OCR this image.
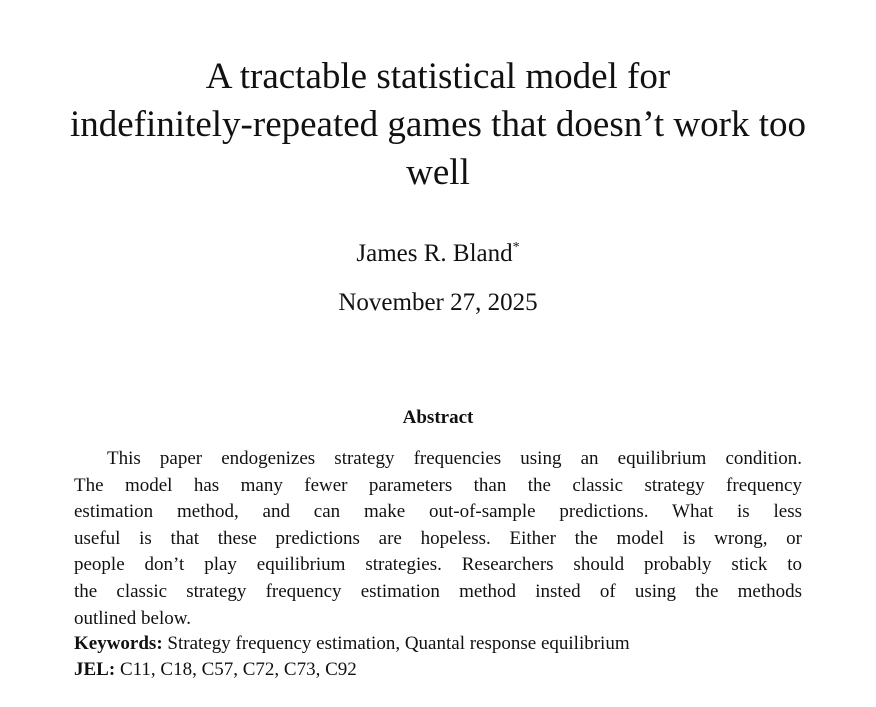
A tractable statistical model for
indefinitely-repeated games that doesn’t work too
well
James R. Bland*
November 27, 2025
Abstract
This paper endogenizes strategy frequencies using an equilibrium condition.
The model has many fewer parameters than the classic strategy frequency
estimation method, and can make out-of-sample predictions. What is less
useful is that these predictions are hopeless. Either the model is wrong, or
people don’t play equilibrium strategies. Researchers should probably stick to
the classic strategy frequency estimation method insted of using the methods
outlined below.
Keywords: Strategy frequency estimation, Quantal response equilibrium
JEL: C11, C18, C57, C72, C73, C92
